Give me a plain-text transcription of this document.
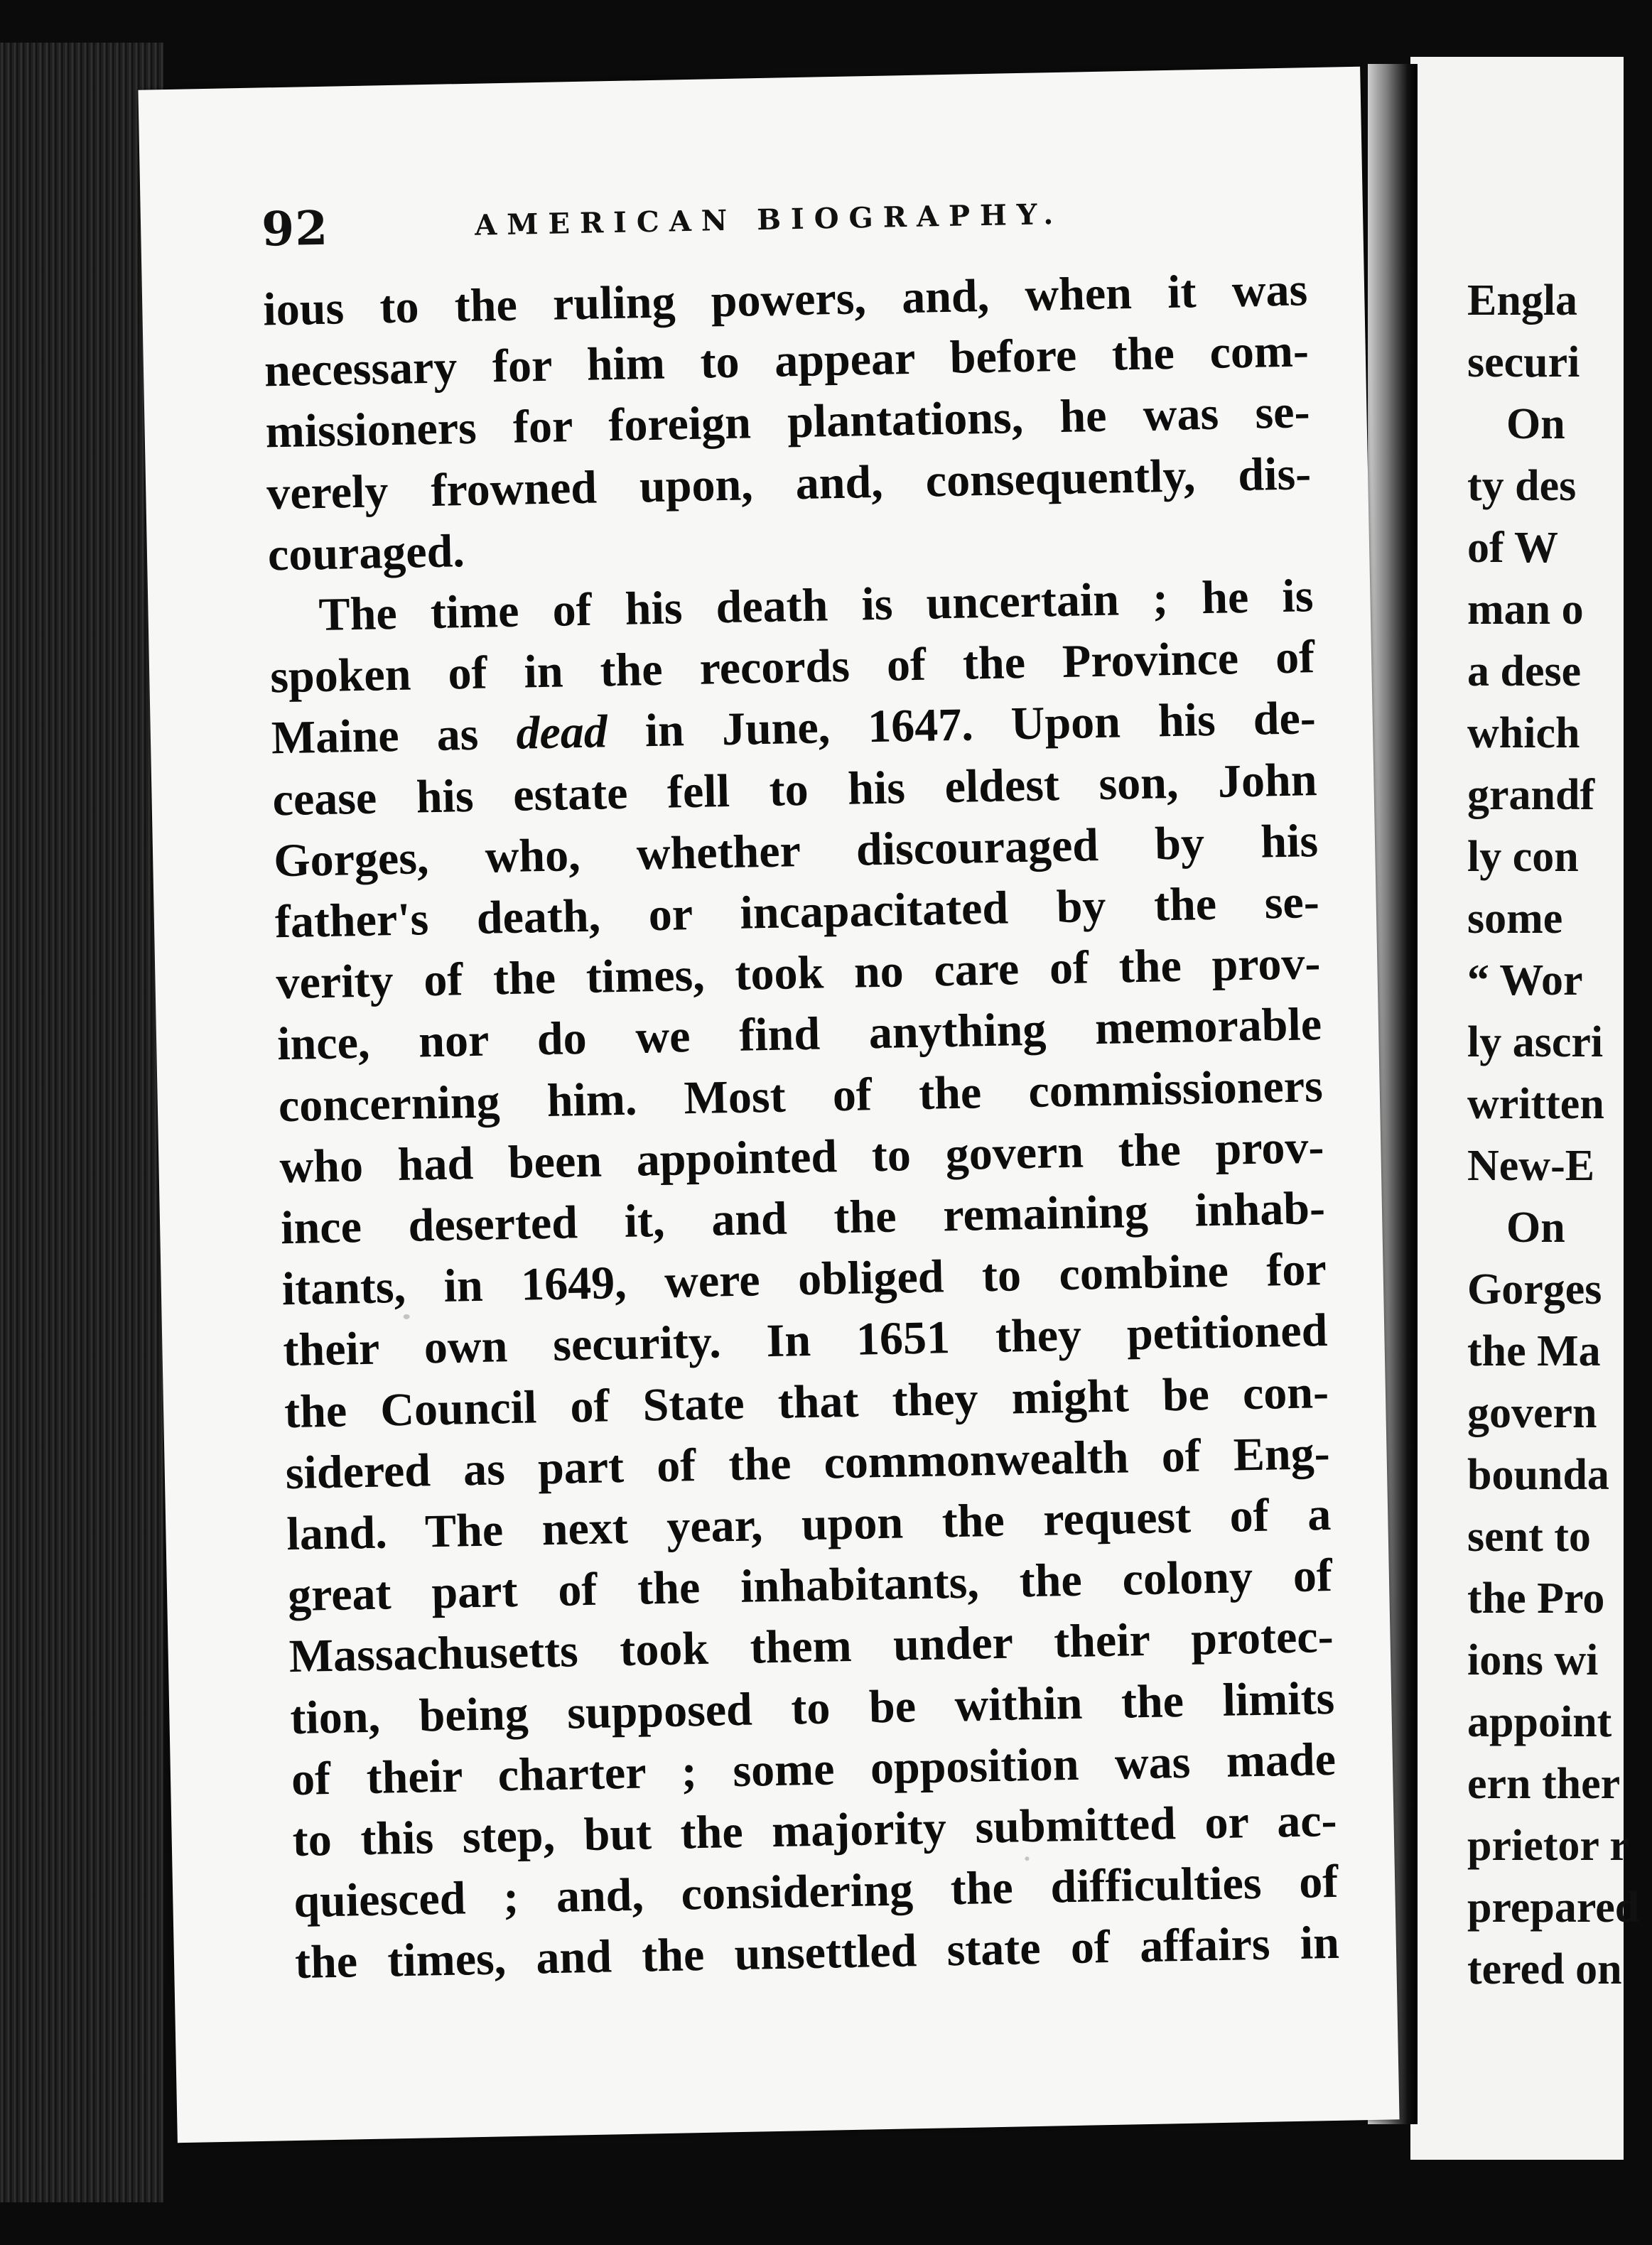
Engla
securi
On
ty des
of W
man o
a dese
which
grandf
ly con
some
“ Wor
ly ascri
written
New-E
On
Gorges
the Ma
govern
bounda
sent to
the Pro
ions wi
appoint
ern ther
prietor r
prepared
tered on
92	AMERICAN BIOGRAPHY.
ious to the ruling powers, and, when it was
necessary for him to appear before the com-
missioners for foreign plantations, he was se-
verely frowned upon, and, consequently, dis-
couraged.
The time of his death is uncertain ; he is
spoken of in the records of the Province of
Maine as dead in June, 1647. Upon his de-
cease his estate fell to his eldest son, John
Gorges, who, whether discouraged by his
father's death, or incapacitated by the se-
verity of the times, took no care of the prov-
ince, nor do we find anything memorable
concerning him. Most of the commissioners
who had been appointed to govern the prov-
ince deserted it, and the remaining inhab-
itants, in 1649, were obliged to combine for
their own security. In 1651 they petitioned
the Council of State that they might be con-
sidered as part of the commonwealth of Eng-
land. The next year, upon the request of a
great part of the inhabitants, the colony of
Massachusetts took them under their protec-
tion, being supposed to be within the limits
of their charter ; some opposition was made
to this step, but the majority submitted or ac-
quiesced ; and, considering the difficulties of
the times, and the unsettled state of affairs in
